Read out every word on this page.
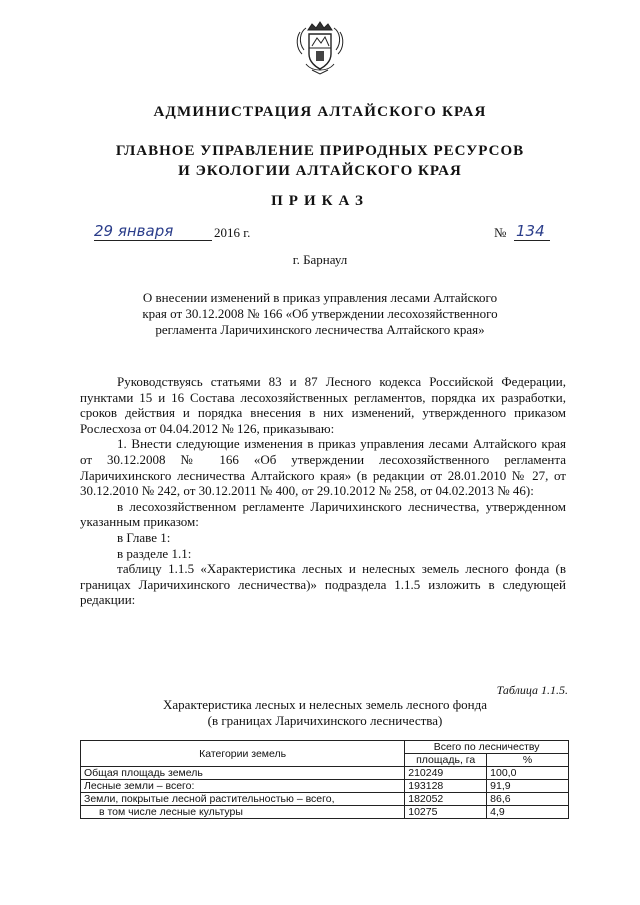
АДМИНИСТРАЦИЯ АЛТАЙСКОГО КРАЯ
ГЛАВНОЕ УПРАВЛЕНИЕ ПРИРОДНЫХ РЕСУРСОВ
И ЭКОЛОГИИ АЛТАЙСКОГО КРАЯ
ПРИКАЗ
29 января	2016 г.	№ 134
г. Барнаул
О внесении изменений в приказ управления лесами Алтайского
края от 30.12.2008 № 166 «Об утверждении лесохозяйственного
регламента Ларичихинского лесничества Алтайского края»

Руководствуясь статьями 83 и 87 Лесного кодекса Российской Федерации, пунктами 15 и 16 Состава лесохозяйственных регламентов, порядка их разработки, сроков действия и порядка внесения в них изменений, утвержденного приказом Рослесхоза от 04.04.2012 № 126, приказываю:

1. Внести следующие изменения в приказ управления лесами Алтайского края от 30.12.2008 № 166 «Об утверждении лесохозяйственного регламента Ларичихинского лесничества Алтайского края» (в редакции от 28.01.2010 № 27, от 30.12.2010 № 242, от 30.12.2011 № 400, от 29.10.2012 № 258, от 04.02.2013 № 46):

в лесохозяйственном регламенте Ларичихинского лесничества, утвержденном указанным приказом:

в Главе 1:

в разделе 1.1:

таблицу 1.1.5 «Характеристика лесных и нелесных земель лесного фонда (в границах Ларичихинского лесничества)» подраздела 1.1.5 изложить в следующей редакции:

Таблица 1.1.5.
Характеристика лесных и нелесных земель лесного фонда
(в границах Ларичихинского лесничества)
Категории земель	Всего по лесничеству	
	площадь, га	%
Общая площадь земель	210249	100,0
Лесные земли – всего:	193128	91,9
Земли, покрытые лесной растительностью – всего,	182052	86,6
в том числе лесные культуры	10275	4,9
